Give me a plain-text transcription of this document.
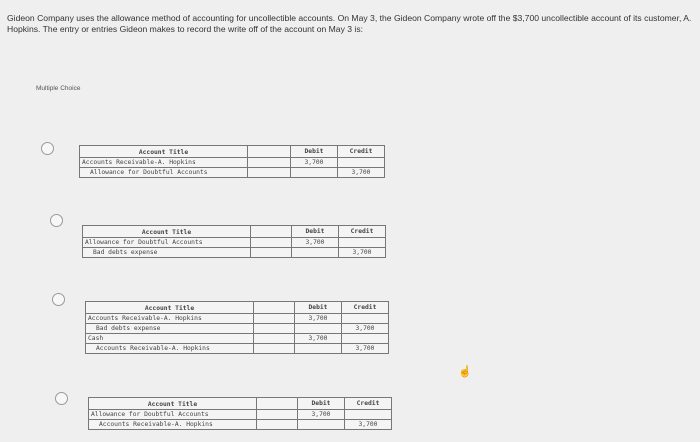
Gideon Company uses the allowance method of accounting for uncollectible accounts. On May 3, the Gideon Company wrote off the $3,700 uncollectible account of its customer, A. Hopkins. The entry or entries Gideon makes to record the write off of the account on May 3 is:

Multiple Choice

Account Title		Debit	Credit
Accounts Receivable-A. Hopkins		3,700	
Allowance for Doubtful Accounts			3,700
Account Title		Debit	Credit
Allowance for Doubtful Accounts		3,700	
Bad debts expense			3,700
Account Title		Debit	Credit
Accounts Receivable-A. Hopkins		3,700	
Bad debts expense			3,700
Cash		3,700	
Accounts Receivable-A. Hopkins			3,700
Account Title		Debit	Credit
Allowance for Doubtful Accounts		3,700	
Accounts Receivable-A. Hopkins			3,700
☝
